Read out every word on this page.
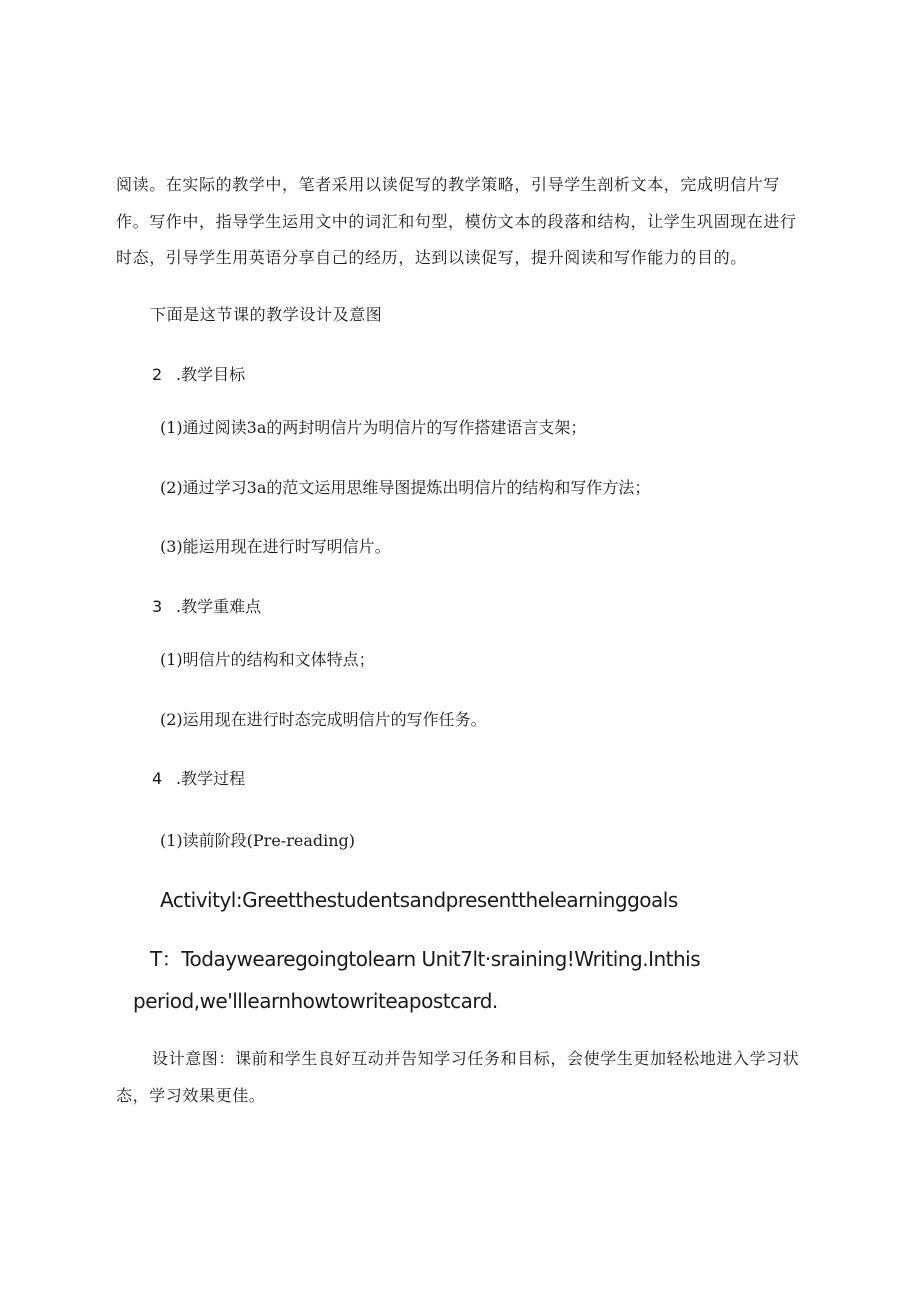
阅读。在实际的教学中，笔者采用以读促写的教学策略，引导学生剖析文本，完成明信片写

作。写作中，指导学生运用文中的词汇和句型，模仿文本的段落和结构，让学生巩固现在进行

时态，引导学生用英语分享自己的经历，达到以读促写，提升阅读和写作能力的目的。

下面是这节课的教学设计及意图

2 .教学目标

(1)通过阅读3a的两封明信片为明信片的写作搭建语言支架；

(2)通过学习3a的范文运用思维导图提炼出明信片的结构和写作方法；

(3)能运用现在进行时写明信片。

3 .教学重难点

(1)明信片的结构和文体特点；

(2)运用现在进行时态完成明信片的写作任务。

4 .教学过程

(1)读前阶段(Pre-reading)

Activityl:Greetthestudentsandpresentthelearninggoals

T：Todaywearegoingtolearn Unit7lt·sraining!Writing.Inthis

period,we'lllearnhowtowriteapostcard.

设计意图：课前和学生良好互动并告知学习任务和目标，会使学生更加轻松地进入学习状

态，学习效果更佳。
